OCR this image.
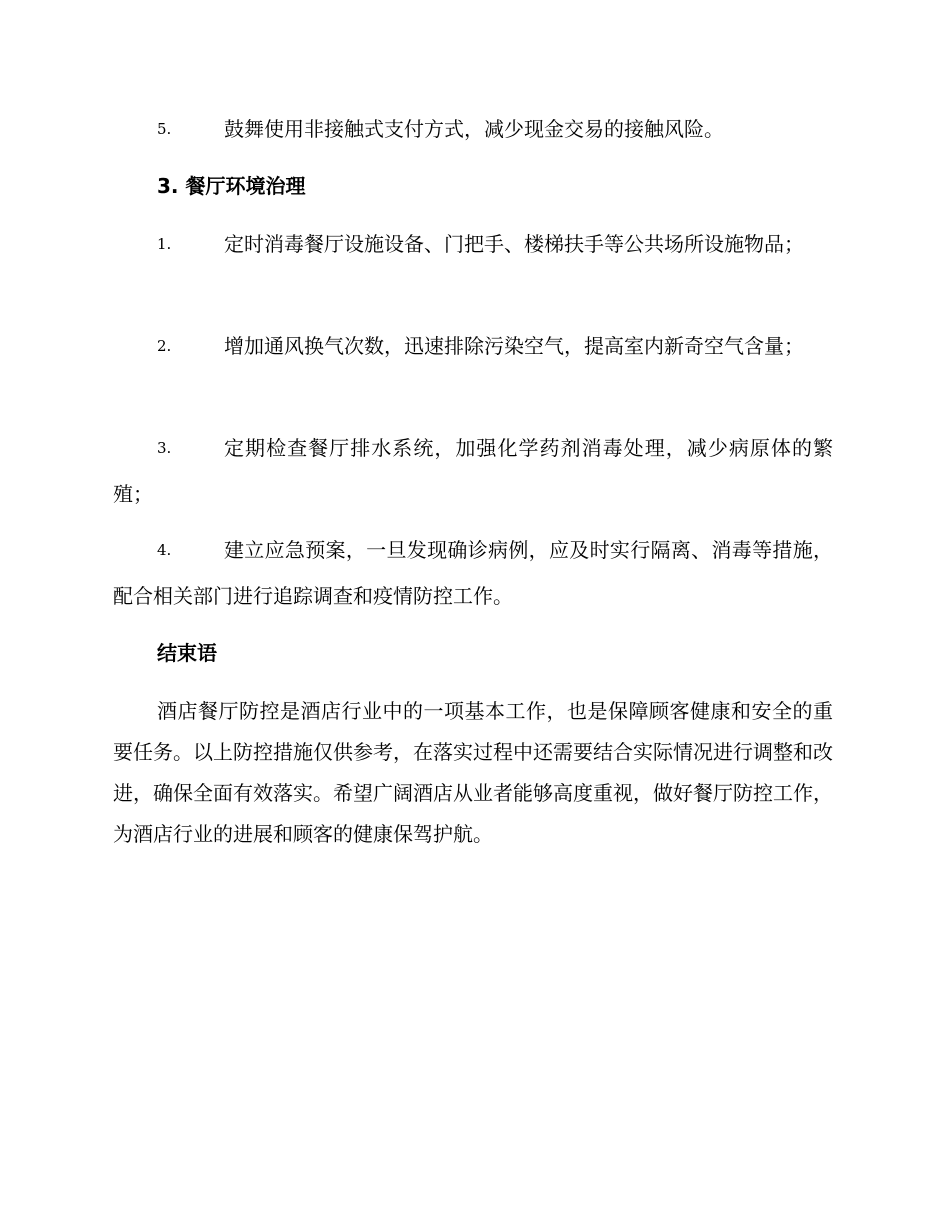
5.	鼓舞使用非接触式支付方式，减少现金交易的接触风险。
3. 餐厅环境治理
1.	定时消毒餐厅设施设备、门把手、楼梯扶手等公共场所设施物品；
2.	增加通风换气次数，迅速排除污染空气，提高室内新奇空气含量；
3.	定期检查餐厅排水系统，加强化学药剂消毒处理，减少病原体的繁殖；
4.	建立应急预案，一旦发现确诊病例，应及时实行隔离、消毒等措施，配合相关部门进行追踪调查和疫情防控工作。
结束语

酒店餐厅防控是酒店行业中的一项基本工作，也是保障顾客健康和安全的重要任务。以上防控措施仅供参考，在落实过程中还需要结合实际情况进行调整和改进，确保全面有效落实。希望广阔酒店从业者能够高度重视，做好餐厅防控工作，为酒店行业的进展和顾客的健康保驾护航。
